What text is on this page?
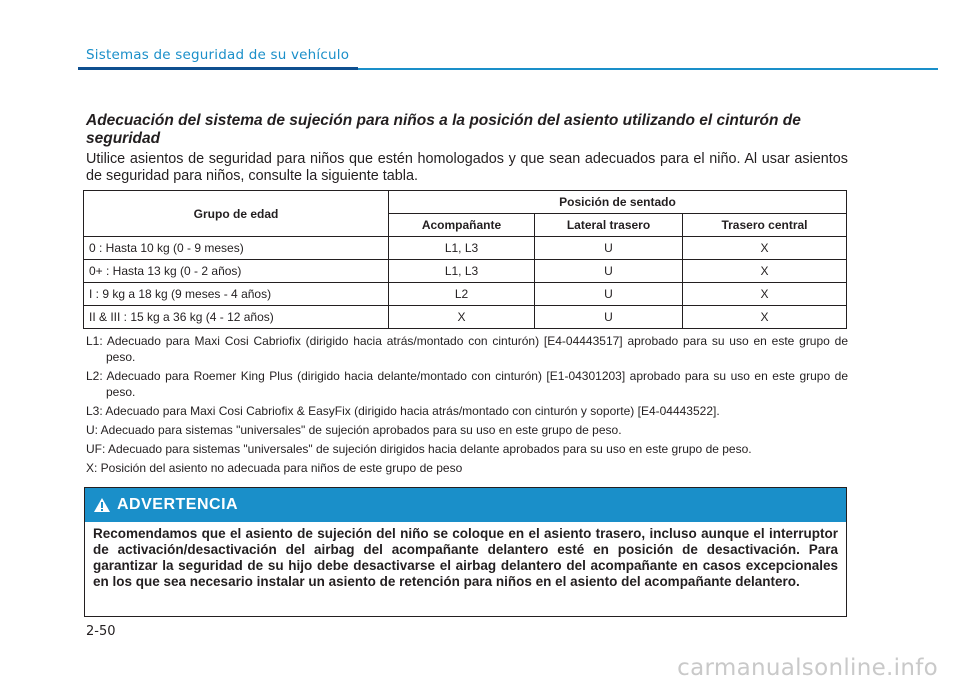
Sistemas de seguridad de su vehículo
Adecuación del sistema de sujeción para niños a la posición del asiento utilizando el cinturón de seguridad
Utilice asientos de seguridad para niños que estén homologados y que sean adecuados para el niño. Al usar asientos de seguridad para niños, consulte la siguiente tabla.
Grupo de edad	Posición de sentado		
	Acompañante	Lateral trasero	Trasero central
0 : Hasta 10 kg (0 - 9 meses)	L1, L3	U	X
0+ : Hasta 13 kg (0 - 2 años)	L1, L3	U	X
I : 9 kg a 18 kg (9 meses - 4 años)	L2	U	X
II & III : 15 kg a 36 kg (4 - 12 años)	X	U	X
L1: Adecuado para Maxi Cosi Cabriofix (dirigido hacia atrás/montado con cinturón) [E4-04443517] aprobado para su uso en este grupo de peso.
L2: Adecuado para Roemer King Plus (dirigido hacia delante/montado con cinturón) [E1-04301203] aprobado para su uso en este grupo de peso.
L3: Adecuado para Maxi Cosi Cabriofix & EasyFix (dirigido hacia atrás/montado con cinturón y soporte) [E4-04443522].
U: Adecuado para sistemas "universales" de sujeción aprobados para su uso en este grupo de peso.
UF: Adecuado para sistemas "universales" de sujeción dirigidos hacia delante aprobados para su uso en este grupo de peso.
X: Posición del asiento no adecuada para niños de este grupo de peso
ADVERTENCIA
Recomendamos que el asiento de sujeción del niño se coloque en el asiento trasero, incluso aunque el interruptor de activación/desactivación del airbag del acompañante delantero esté en posición de desactivación. Para garantizar la seguridad de su hijo debe desactivarse el airbag delantero del acompañante en casos excepcionales en los que sea necesario instalar un asiento de retención para niños en el asiento del acompañante delantero.
2-50
carmanualsonline.info
